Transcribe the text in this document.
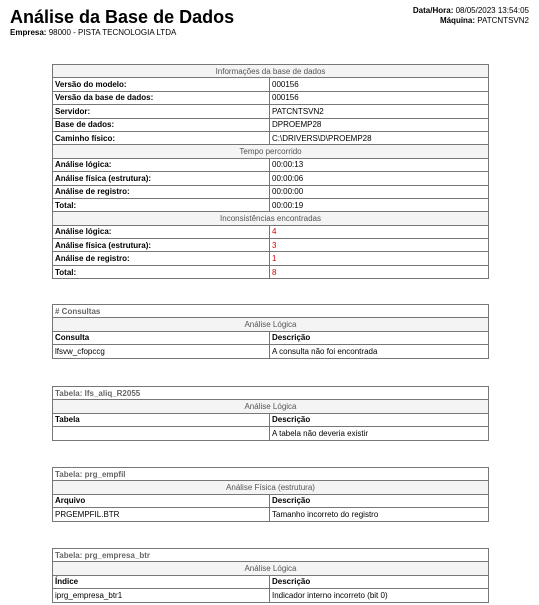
Análise da Base de Dados
Empresa: 98000 - PISTA TECNOLOGIA LTDA
Data/Hora: 08/05/2023 13:54:05
Máquina: PATCNTSVN2
Informações da base de dados	
Versão do modelo:	000156
Versão da base de dados:	000156
Servidor:	PATCNTSVN2
Base de dados:	DPROEMP28
Caminho físico:	C:\DRIVERS\D\PROEMP28
Tempo percorrido	
Análise lógica:	00:00:13
Análise física (estrutura):	00:00:06
Análise de registro:	00:00:00
Total:	00:00:19
Inconsistências encontradas	
Análise lógica:	4
Análise física (estrutura):	3
Análise de registro:	1
Total:	8
# Consultas	
Análise Lógica	
Consulta	Descrição
lfsvw_cfopccg	A consulta não foi encontrada
Tabela: lfs_aliq_R2055	
Análise Lógica	
Tabela	Descrição
	A tabela não deveria existir
Tabela: prg_empfil	
Análise Física (estrutura)	
Arquivo	Descrição
PRGEMPFIL.BTR	Tamanho incorreto do registro
Tabela: prg_empresa_btr	
Análise Lógica	
Índice	Descrição
iprg_empresa_btr1	Indicador interno incorreto (bit 0)
